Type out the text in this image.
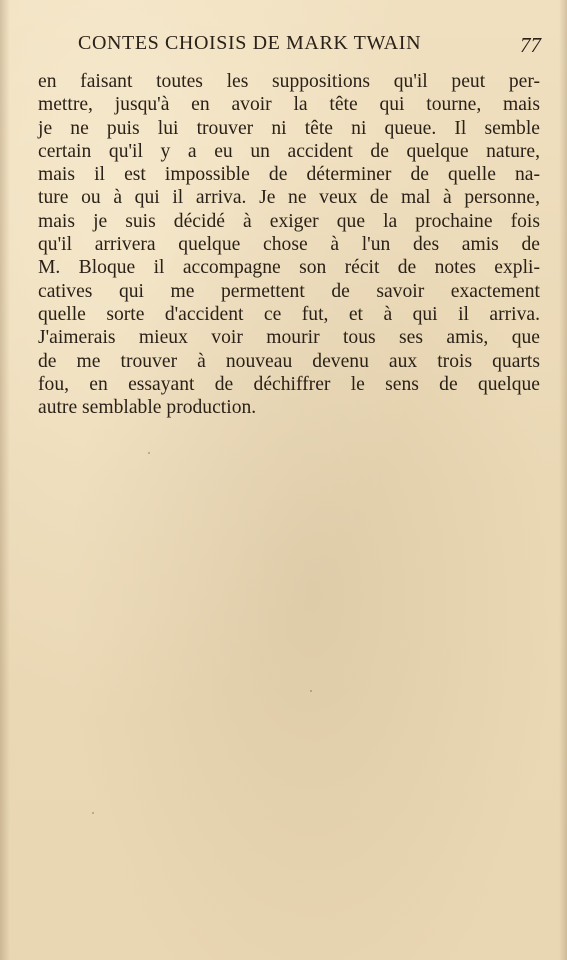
CONTES CHOISIS DE MARK TWAIN	77
en faisant toutes les suppositions qu'il peut per-
mettre, jusqu'à en avoir la tête qui tourne, mais
je ne puis lui trouver ni tête ni queue. Il semble
certain qu'il y a eu un accident de quelque nature,
mais il est impossible de déterminer de quelle na-
ture ou à qui il arriva. Je ne veux de mal à personne,
mais je suis décidé à exiger que la prochaine fois
qu'il arrivera quelque chose à l'un des amis de
M. Bloque il accompagne son récit de notes expli-
catives qui me permettent de savoir exactement
quelle sorte d'accident ce fut, et à qui il arriva.
J'aimerais mieux voir mourir tous ses amis, que
de me trouver à nouveau devenu aux trois quarts
fou, en essayant de déchiffrer le sens de quelque
autre semblable production.
